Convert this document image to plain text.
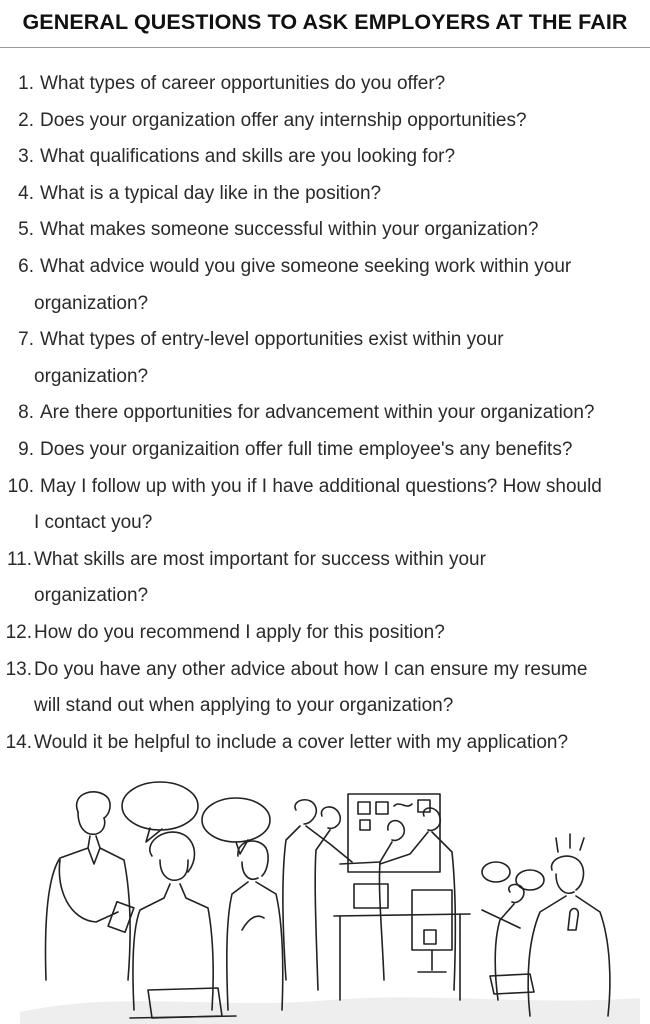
GENERAL QUESTIONS TO ASK EMPLOYERS AT THE FAIR
1. What types of career opportunities do you offer?
2. Does your organization offer any internship opportunities?
3. What qualifications and skills are you looking for?
4. What is a typical day like in the position?
5. What makes someone successful within your organization?
6. What advice would you give someone seeking work within your
organization?
7. What types of entry-level opportunities exist within your
organization?
8. Are there opportunities for advancement within your organization?
9. Does your organizaition offer full time employee's any benefits?
10. May I follow up with you if I have additional questions? How should
I contact you?
11. What skills are most important for success within your
organization?
12. How do you recommend I apply for this position?
13. Do you have any other advice about how I can ensure my resume
will stand out when applying to your organization?
14. Would it be helpful to include a cover letter with my application?
